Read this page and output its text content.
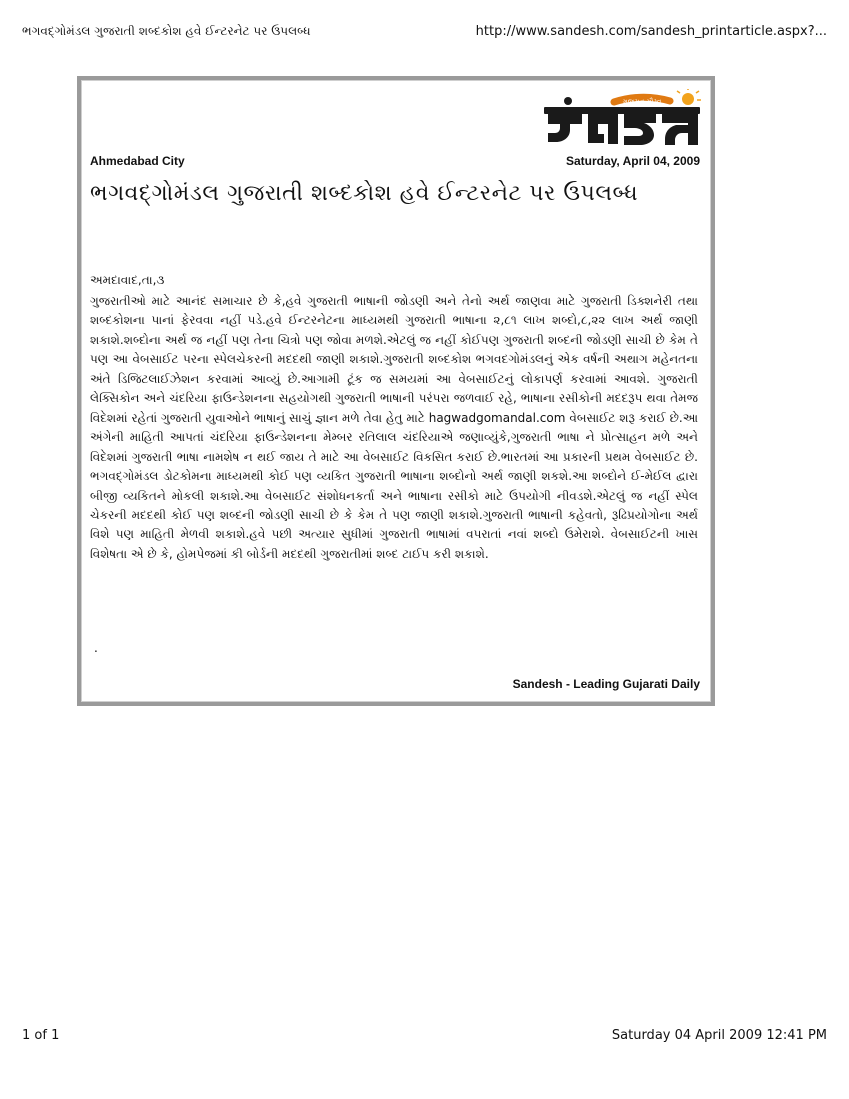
ભગવદ્ગોમંડલ ગુજરાતી શબ્દકોશ હવે ઈન્ટરનેટ પર ઉપલબ્ધ	http://www.sandesh.com/sandesh_printarticle.aspx?...
ગુજરાત ગૌરવ
Ahmedabad City	Saturday, April 04, 2009
ભગવદ્ગોમંડલ ગુજરાતી શબ્દકોશ હવે ઈન્ટરનેટ પર ઉપલબ્ધ
અમદાવાદ,તા,૩

ગુજરાતીઓ માટે આનંદ સમાચાર છે કે,હવે ગુજરાતી ભાષાની જોડણી અને તેનો અર્થ જાણવા માટે ગુજરાતી ડિક્શનેરી તથા શબ્દકોશના પાનાં ફેરવવા નહીં પડે.હવે ઈન્ટરનેટના માધ્યમથી ગુજરાતી ભાષાના ૨,૮૧ લાખ શબ્દો,૮,૨૨ લાખ અર્થ જાણી શકાશે.શબ્દોના અર્થ જ નહીં પણ તેના ચિત્રો પણ જોવા મળશે.એટલું જ નહીં કોઈપણ ગુજરાતી શબ્દની જોડણી સાચી છે કેમ તે પણ આ વેબસાઈટ પરના સ્પેલચેકરની મદદથી જાણી શકાશે.ગુજરાતી શબ્દકોશ ભગવદગોમંડલનું એક વર્ષની અથાગ મહેનતના અંતે ડિજિટલાઈઝેશન કરવામાં આવ્યું છે.આગામી ટૂંક જ સમયમાં આ વેબસાઈટનું લોકાપર્ણ કરવામાં આવશે. ગુજરાતી લેક્સિકોન અને ચંદરિયા ફાઉન્ડેશનના સહયોગથી ગુજરાતી ભાષાની પરંપરા જળવાઈ રહે, ભાષાના રસીકોની મદદરૂપ થવા તેમજ વિદેશમાં રહેતાં ગુજરાતી યુવાઓને ભાષાનું સાચું જ્ઞાન મળે તેવા હેતુ માટે hagwadgomandal.com વેબસાઈટ શરૂ કરાઈ છે.આ અંગેની માહિતી આપતાં ચંદરિયા ફાઉન્ડેશનના મેમ્બર રતિલાલ ચંદરિયાએ જણાવ્યુંકે,ગુજરાતી ભાષા ને પ્રોત્સાહન મળે અને વિદેશમાં ગુજરાતી ભાષા નામશેષ ન થઈ જાય તે માટે આ વેબસાઈટ વિકસિત કરાઈ છે.ભારતમાં આ પ્રકારની પ્રથમ વેબસાઈટ છે. ભગવદ્ગોમંડલ ડોટકોમના માધ્યમથી કોઈ પણ વ્યકિત ગુજરાતી ભાષાના શબ્દોનો અર્થ જાણી શકશે.આ શબ્દોને ઈ-મેઈલ દ્વારા બીજી વ્યકિતને મોકલી શકાશે.આ વેબસાઈટ સંશોધનકર્તા અને ભાષાના રસીકો માટે ઉપયોગી નીવડશે.એટલું જ નહીં સ્પેલ ચેકરની મદદથી કોઈ પણ શબ્દની જોડણી સાચી છે કે કેમ તે પણ જાણી શકાશે.ગુજરાતી ભાષાની કહેવતો, રૂઢિપ્રયોગોના અર્થ વિશે પણ માહિતી મેળવી શકાશે.હવે પછી અત્યાર સુધીમાં ગુજરાતી ભાષામાં વપરાતાં નવાં શબ્દો ઉમેરાશે. વેબસાઈટની ખાસ વિશેષતા એ છે કે, હોમપેજમાં કી બોર્ડની મદદથી ગુજરાતીમાં શબ્દ ટાઈપ કરી શકાશે.

.
Sandesh - Leading Gujarati Daily
1 of 1	Saturday 04 April 2009 12:41 PM
